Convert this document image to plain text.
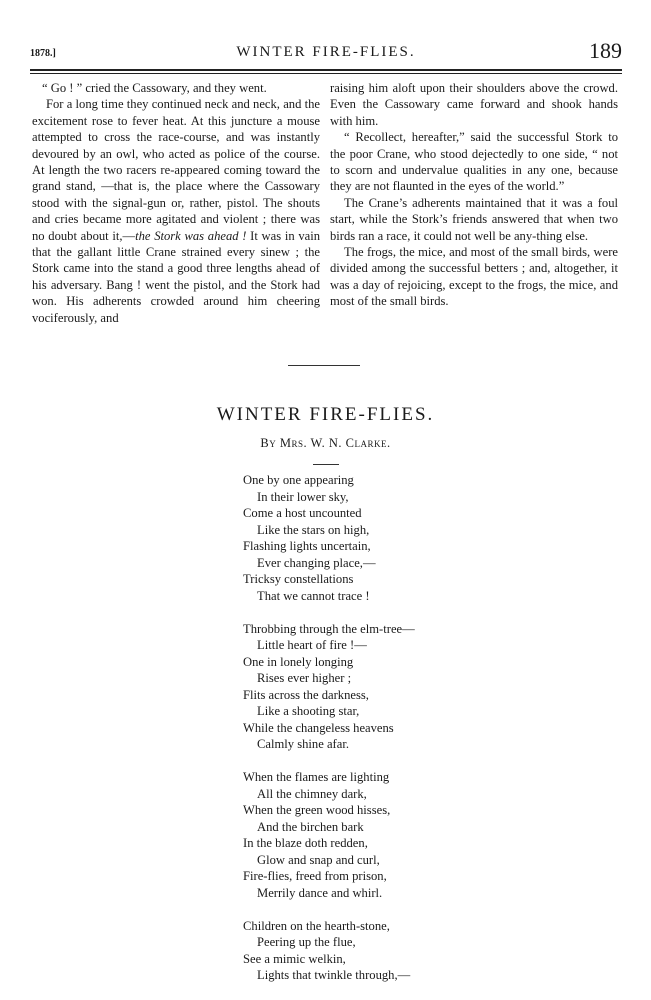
1878.]	WINTER FIRE-FLIES.	189

“ Go ! ” cried the Cassowary, and they went.

For a long time they continued neck and neck, and the excitement rose to fever heat. At this juncture a mouse attempted to cross the race-course, and was instantly devoured by an owl, who acted as police of the course. At length the two racers re-appeared coming toward the grand stand, —that is, the place where the Cassowary stood with the signal-gun or, rather, pistol. The shouts and cries became more agitated and violent ; there was no doubt about it,—the Stork was ahead ! It was in vain that the gallant little Crane strained every sinew ; the Stork came into the stand a good three lengths ahead of his adversary. Bang ! went the pistol, and the Stork had won. His adherents crowded around him cheering vociferously, and

raising him aloft upon their shoulders above the crowd. Even the Cassowary came forward and shook hands with him.

“ Recollect, hereafter,” said the successful Stork to the poor Crane, who stood dejectedly to one side, “ not to scorn and undervalue qualities in any one, because they are not flaunted in the eyes of the world.”

The Crane’s adherents maintained that it was a foul start, while the Stork’s friends answered that when two birds ran a race, it could not well be any-thing else.

The frogs, the mice, and most of the small birds, were divided among the successful betters ; and, altogether, it was a day of rejoicing, except to the frogs, the mice, and most of the small birds.

WINTER FIRE-FLIES.
By Mrs. W. N. Clarke.
One by one appearing
In their lower sky,
Come a host uncounted
Like the stars on high,
Flashing lights uncertain,
Ever changing place,—
Tricksy constellations
That we cannot trace !
Throbbing through the elm-tree—
Little heart of fire !—
One in lonely longing
Rises ever higher ;
Flits across the darkness,
Like a shooting star,
While the changeless heavens
Calmly shine afar.
When the flames are lighting
All the chimney dark,
When the green wood hisses,
And the birchen bark
In the blaze doth redden,
Glow and snap and curl,
Fire-flies, freed from prison,
Merrily dance and whirl.
Children on the hearth-stone,
Peering up the flue,
See a mimic welkin,
Lights that twinkle through,—
